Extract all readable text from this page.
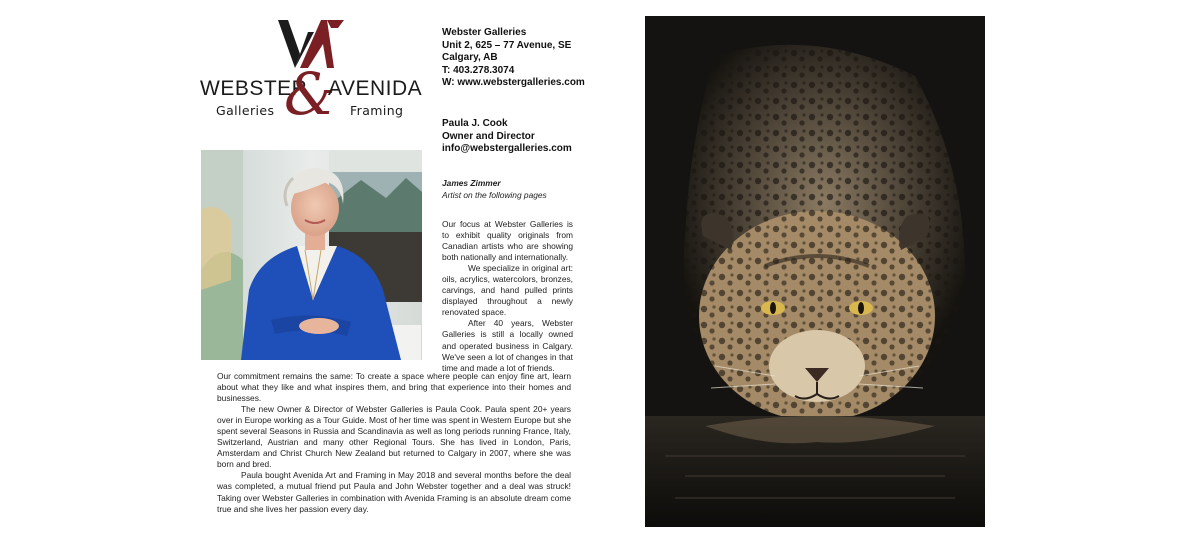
WEBSTER
&
AVENIDA
Galleries	Framing
Webster Galleries
Unit 2, 625 – 77 Avenue, SE
Calgary, AB
T: 403.278.3074
W: www.webstergalleries.com
Paula J. Cook
Owner and Director
info@webstergalleries.com
James Zimmer
Artist on the following pages

Our focus at Webster Galleries is to exhibit quality originals from Canadian artists who are showing both nationally and internationally.

We specialize in original art: oils, acrylics, watercolors, bronzes, carvings, and hand pulled prints displayed throughout a newly renovated space.

After 40 years, Webster Galleries is still a locally owned and operated business in Calgary. We've seen a lot of changes in that time and made a lot of friends.

Our commitment remains the same: To create a space where people can enjoy fine art, learn about what they like and what inspires them, and bring that experience into their homes and businesses.

The new Owner & Director of Webster Galleries is Paula Cook. Paula spent 20+ years over in Europe working as a Tour Guide. Most of her time was spent in Western Europe but she spent several Seasons in Russia and Scandinavia as well as long periods running France, Italy, Switzerland, Austrian and many other Regional Tours. She has lived in London, Paris, Amsterdam and Christ Church New Zealand but returned to Calgary in 2007, where she was born and bred.

Paula bought Avenida Art and Framing in May 2018 and several months before the deal was completed, a mutual friend put Paula and John Webster together and a deal was struck! Taking over Webster Galleries in combination with Avenida Framing is an absolute dream come true and she lives her passion every day.
